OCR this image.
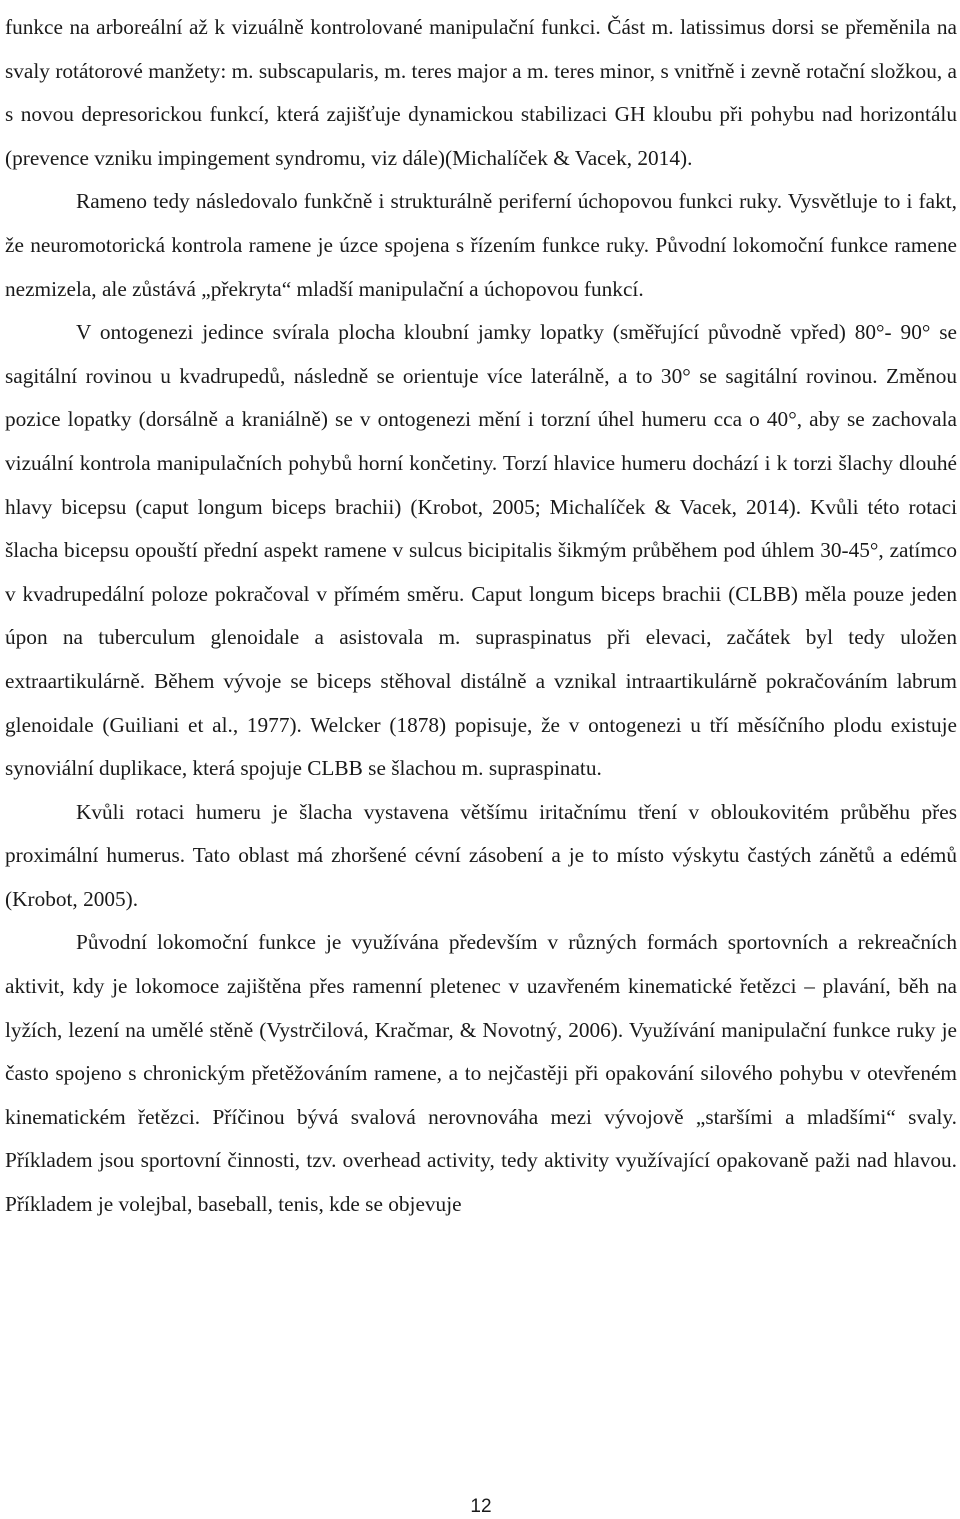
funkce na arboreální až k vizuálně kontrolované manipulační funkci. Část m. latissimus dorsi se přeměnila na svaly rotátorové manžety: m. subscapularis, m. teres major a m. teres minor, s vnitřně i zevně rotační složkou, a s novou depresorickou funkcí, která zajišťuje dynamickou stabilizaci GH kloubu při pohybu nad horizontálu (prevence vzniku impingement syndromu, viz dále)(Michalíček & Vacek, 2014).

Rameno tedy následovalo funkčně i strukturálně periferní úchopovou funkci ruky. Vysvětluje to i fakt, že neuromotorická kontrola ramene je úzce spojena s řízením funkce ruky. Původní lokomoční funkce ramene nezmizela, ale zůstává „překryta“ mladší manipulační a úchopovou funkcí.

V ontogenezi jedince svírala plocha kloubní jamky lopatky (směřující původně vpřed) 80°- 90° se sagitální rovinou u kvadrupedů, následně se orientuje více laterálně, a to 30° se sagitální rovinou. Změnou pozice lopatky (dorsálně a kraniálně) se v ontogenezi mění i torzní úhel humeru cca o 40°, aby se zachovala vizuální kontrola manipulačních pohybů horní končetiny. Torzí hlavice humeru dochází i k torzi šlachy dlouhé hlavy bicepsu (caput longum biceps brachii) (Krobot, 2005; Michalíček & Vacek, 2014). Kvůli této rotaci šlacha bicepsu opouští přední aspekt ramene v sulcus bicipitalis šikmým průběhem pod úhlem 30-45°, zatímco v kvadrupedální poloze pokračoval v přímém směru. Caput longum biceps brachii (CLBB) měla pouze jeden úpon na tuberculum glenoidale a asistovala m. supraspinatus při elevaci, začátek byl tedy uložen extraartikulárně. Během vývoje se biceps stěhoval distálně a vznikal intraartikulárně pokračováním labrum glenoidale (Guiliani et al., 1977). Welcker (1878) popisuje, že v ontogenezi u tří měsíčního plodu existuje synoviální duplikace, která spojuje CLBB se šlachou m. supraspinatu.

Kvůli rotaci humeru je šlacha vystavena většímu iritačnímu tření v obloukovitém průběhu přes proximální humerus. Tato oblast má zhoršené cévní zásobení a je to místo výskytu častých zánětů a edémů (Krobot, 2005).

Původní lokomoční funkce je využívána především v různých formách sportovních a rekreačních aktivit, kdy je lokomoce zajištěna přes ramenní pletenec v uzavřeném kinematické řetězci – plavání, běh na lyžích, lezení na umělé stěně (Vystrčilová, Kračmar, & Novotný, 2006). Využívání manipulační funkce ruky je často spojeno s chronickým přetěžováním ramene, a to nejčastěji při opakování silového pohybu v otevřeném kinematickém řetězci. Příčinou bývá svalová nerovnováha mezi vývojově „staršími a mladšími“ svaly. Příkladem jsou sportovní činnosti, tzv. overhead activity, tedy aktivity využívající opakovaně paži nad hlavou. Příkladem je volejbal, baseball, tenis, kde se objevuje

12
